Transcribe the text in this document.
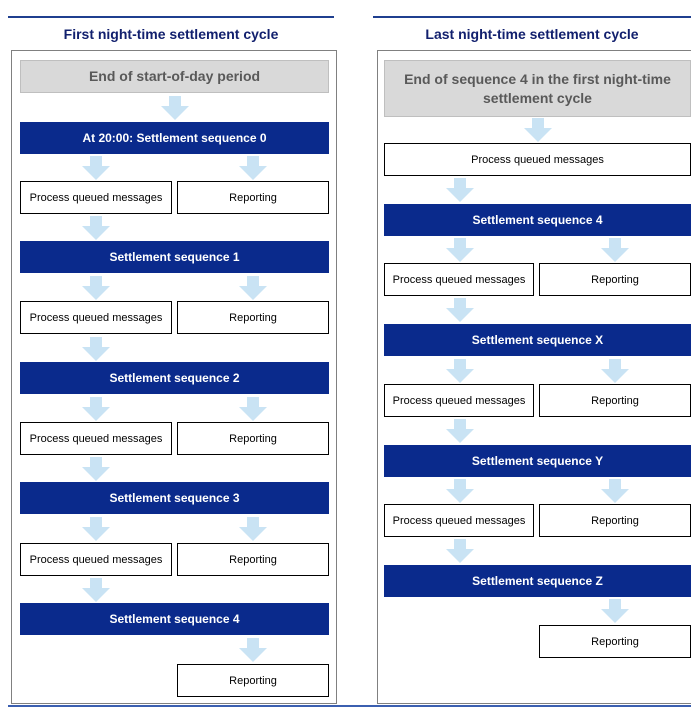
First night-time settlement cycle	Last night-time settlement cycle
End of start-of-day period
At 20:00: Settlement sequence 0
Process queued messages	Reporting
Settlement sequence 1
Process queued messages	Reporting
Settlement sequence 2
Process queued messages	Reporting
Settlement sequence 3
Process queued messages	Reporting
Settlement sequence 4
Reporting
End of sequence 4 in the first night-time settlement cycle
Process queued messages
Settlement sequence 4
Process queued messages	Reporting
Settlement sequence X
Process queued messages	Reporting
Settlement sequence Y
Process queued messages	Reporting
Settlement sequence Z
Reporting
